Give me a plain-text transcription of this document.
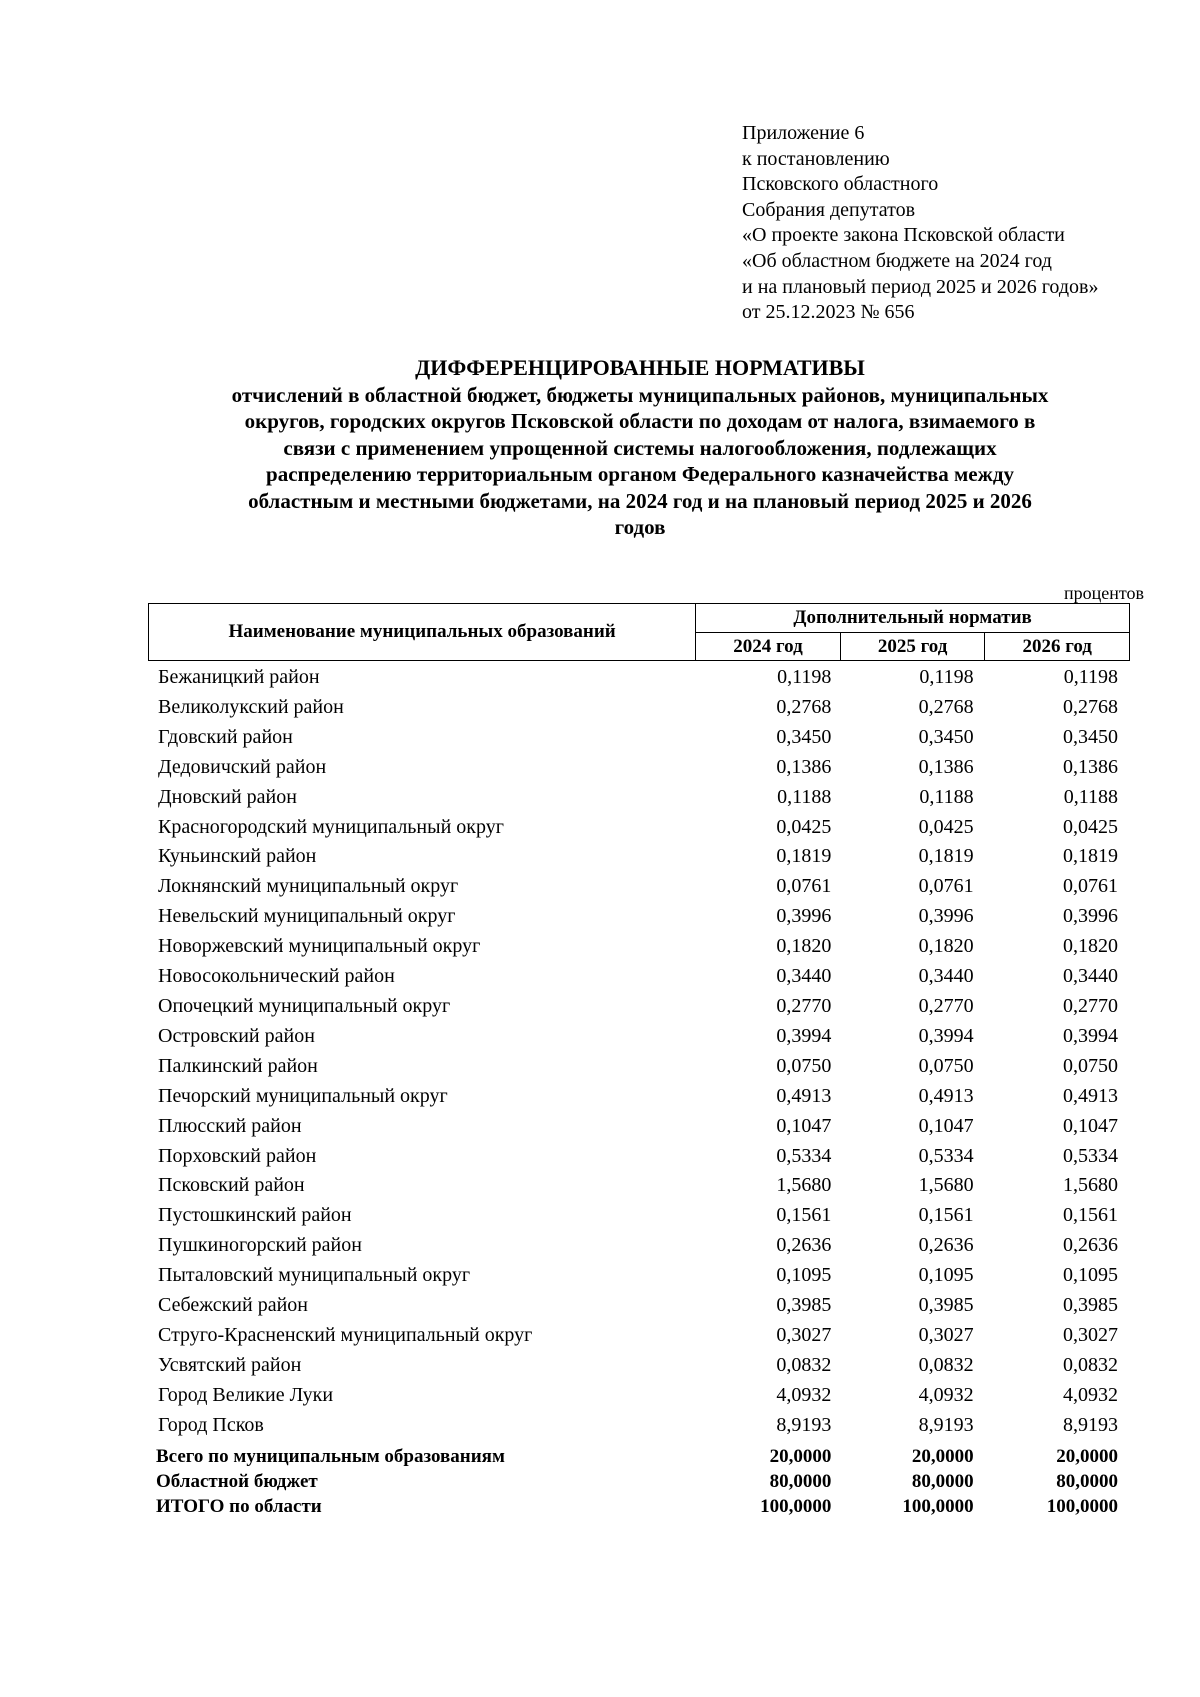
Приложение 6
к постановлению
Псковского областного
Собрания депутатов
«О проекте закона Псковской области
«Об областном бюджете на 2024 год
и на плановый период 2025 и 2026 годов»
от 25.12.2023 № 656
ДИФФЕРЕНЦИРОВАННЫЕ НОРМАТИВЫ
отчислений в областной бюджет, бюджеты муниципальных районов, муниципальных
округов, городских округов Псковской области по доходам от налога, взимаемого в
связи с применением упрощенной системы налогообложения, подлежащих
распределению территориальным органом Федерального казначейства между
областным и местными бюджетами, на 2024 год и на плановый период 2025 и 2026
годов
процентов
Наименование муниципальных образований	Дополнительный норматив		
	2024 год	2025 год	2026 год
Бежаницкий район	0,1198	0,1198	0,1198
Великолукский район	0,2768	0,2768	0,2768
Гдовский район	0,3450	0,3450	0,3450
Дедовичский район	0,1386	0,1386	0,1386
Дновский район	0,1188	0,1188	0,1188
Красногородский муниципальный округ	0,0425	0,0425	0,0425
Куньинский район	0,1819	0,1819	0,1819
Локнянский муниципальный округ	0,0761	0,0761	0,0761
Невельский муниципальный округ	0,3996	0,3996	0,3996
Новоржевский муниципальный округ	0,1820	0,1820	0,1820
Новосокольнический район	0,3440	0,3440	0,3440
Опочецкий муниципальный округ	0,2770	0,2770	0,2770
Островский район	0,3994	0,3994	0,3994
Палкинский район	0,0750	0,0750	0,0750
Печорский муниципальный округ	0,4913	0,4913	0,4913
Плюсский район	0,1047	0,1047	0,1047
Порховский район	0,5334	0,5334	0,5334
Псковский район	1,5680	1,5680	1,5680
Пустошкинский район	0,1561	0,1561	0,1561
Пушкиногорский район	0,2636	0,2636	0,2636
Пыталовский муниципальный округ	0,1095	0,1095	0,1095
Себежский район	0,3985	0,3985	0,3985
Струго-Красненский муниципальный округ	0,3027	0,3027	0,3027
Усвятский район	0,0832	0,0832	0,0832
Город Великие Луки	4,0932	4,0932	4,0932
Город Псков	8,9193	8,9193	8,9193
Всего по муниципальным образованиям	20,0000	20,0000	20,0000
Областной бюджет	80,0000	80,0000	80,0000
ИТОГО по области	100,0000	100,0000	100,0000
